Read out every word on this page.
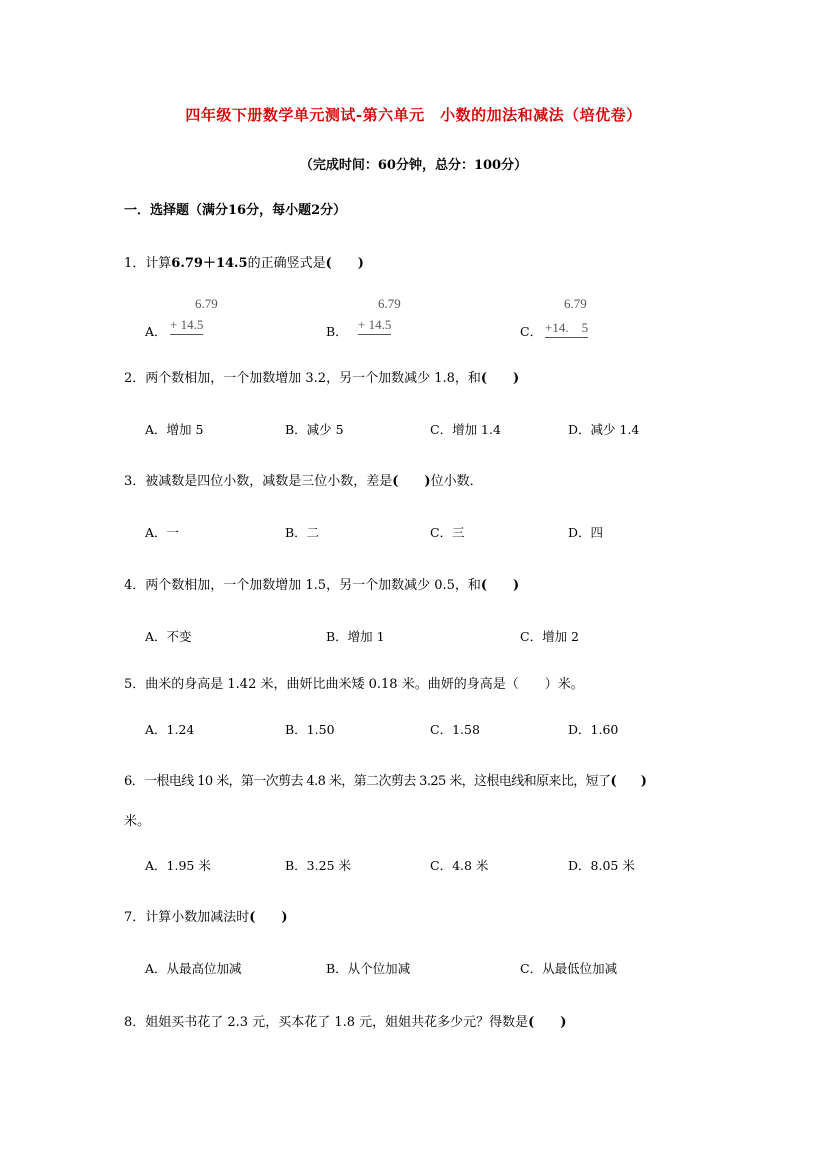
四年级下册数学单元测试-第六单元　小数的加法和减法（培优卷）
（完成时间：60分钟，总分：100分）
一．选择题（满分16分，每小题2分）
1．计算6.79＋14.5的正确竖式是(　　)
A．
6.79
+ 14.5	B．
6.79
+ 14.5	C．
6.79
+14.　5
2．两个数相加，一个加数增加 3.2，另一个加数减少 1.8，和(　　)
A．增加 5	B．减少 5	C．增加 1.4	D．减少 1.4
3．被减数是四位小数，减数是三位小数，差是(　　)位小数．
A．一	B．二	C．三	D．四
4．两个数相加，一个加数增加 1.5，另一个加数减少 0.5，和(　　)
A．不变	B．增加 1	C．增加 2
5．曲米的身高是 1.42 米，曲妍比曲米矮 0.18 米。曲妍的身高是（　　）米。
A．1.24	B．1.50	C．1.58	D．1.60
6．一根电线 10 米，第一次剪去 4.8 米，第二次剪去 3.25 米，这根电线和原来比，短了(　　)
米。
A．1.95 米	B．3.25 米	C．4.8 米	D．8.05 米
7．计算小数加减法时(　　)
A．从最高位加减	B．从个位加减	C．从最低位加减
8．姐姐买书花了 2.3 元，买本花了 1.8 元，姐姐共花多少元？得数是(　　)
